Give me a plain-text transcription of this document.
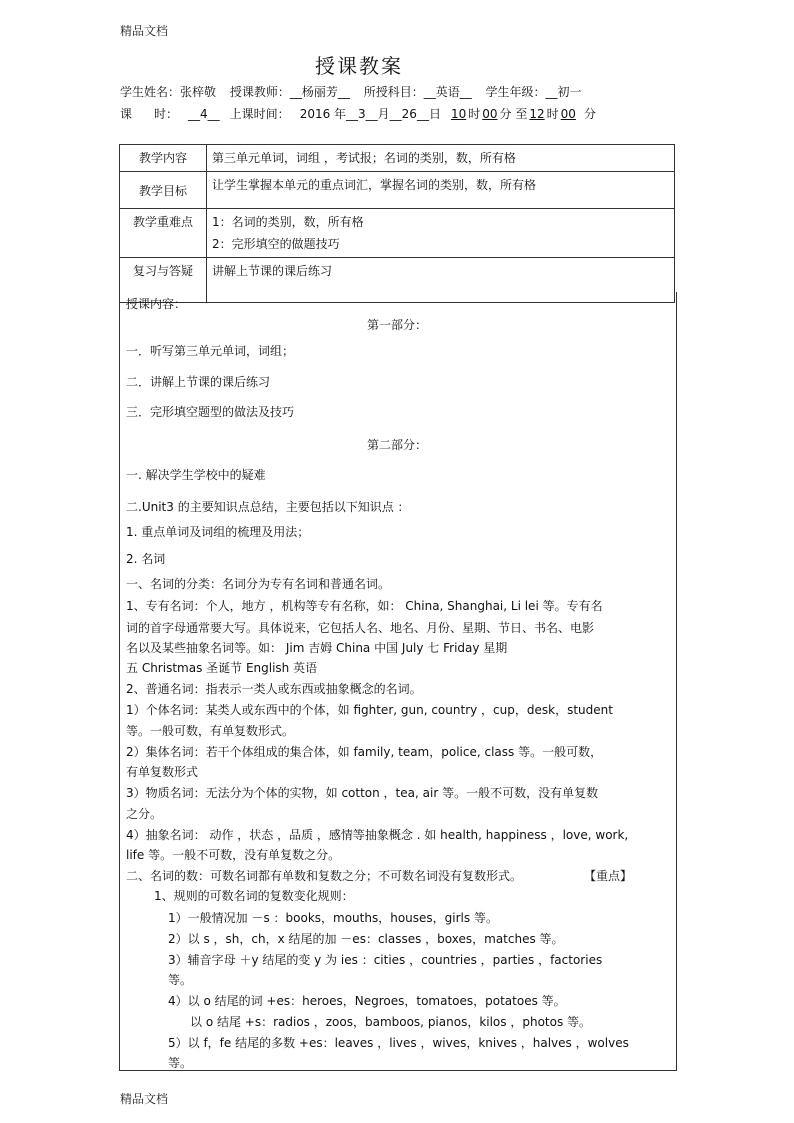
精品文档
授课教案
学生姓名：张梓敬 授课教师：__杨丽芳__ 所授科目：__英语__ 学生年级：__初一
课 时： __4__ 上课时间： 2016 年__3__月__26__日 10 时 00 分 至 12 时 00 分
教学内容	第三单元单词，词组 ，考试报；名词的类别，数，所有格
教学目标	让学生掌握本单元的重点词汇，掌握名词的类别，数，所有格
教学重难点	1：名词的类别，数，所有格
2：完形填空的做题技巧

复习与答疑	讲解上节课的课后练习
授课内容：
第一部分：
一．听写第三单元单词，词组；
二．讲解上节课的课后练习
三．完形填空题型的做法及技巧
第二部分：
一. 解决学生学校中的疑难
二.Unit3 的主要知识点总结，主要包括以下知识点 ：
1. 重点单词及词组的梳理及用法；
2. 名词
一、名词的分类：名词分为专有名词和普通名词。
1、专有名词：个人，地方 ，机构等专有名称，如： China, Shanghai, Li lei 等。专有名
词的首字母通常要大写。具体说来，它包括人名、地名、月份、星期、节日、书名、电影
名以及某些抽象名词等。如： Jim 吉姆 China 中国 July 七 Friday 星期
五 Christmas 圣诞节 English 英语
2、普通名词：指表示一类人或东西或抽象概念的名词。
1）个体名词：某类人或东西中的个体，如 fighter, gun, country ，cup，desk，student
等。一般可数，有单复数形式。
2）集体名词：若干个体组成的集合体，如 family, team，police, class 等。一般可数，
有单复数形式
3）物质名词：无法分为个体的实物，如 cotton ，tea, air 等。一般不可数，没有单复数
之分。
4）抽象名词： 动作 ，状态 ，品质 ，感情等抽象概念 . 如 health, happiness ，love, work,
life 等。一般不可数，没有单复数之分。
二、名词的数：可数名词都有单数和复数之分；不可数名词没有复数形式。	【重点】
1、规则的可数名词的复数变化规则：
1）一般情况加 －s ：books，mouths，houses，girls 等。
2）以 s ，sh，ch，x 结尾的加 －es：classes ，boxes，matches 等。
3）辅音字母 ＋y 结尾的变 y 为 ies ：cities ，countries ，parties ，factories
等。
4）以 o 结尾的词 +es：heroes，Negroes，tomatoes，potatoes 等。
以 o 结尾 +s：radios ，zoos，bamboos, pianos，kilos ，photos 等。
5）以 f，fe 结尾的多数 +es：leaves ，lives ，wives，knives ，halves ，wolves
等。
精品文档
